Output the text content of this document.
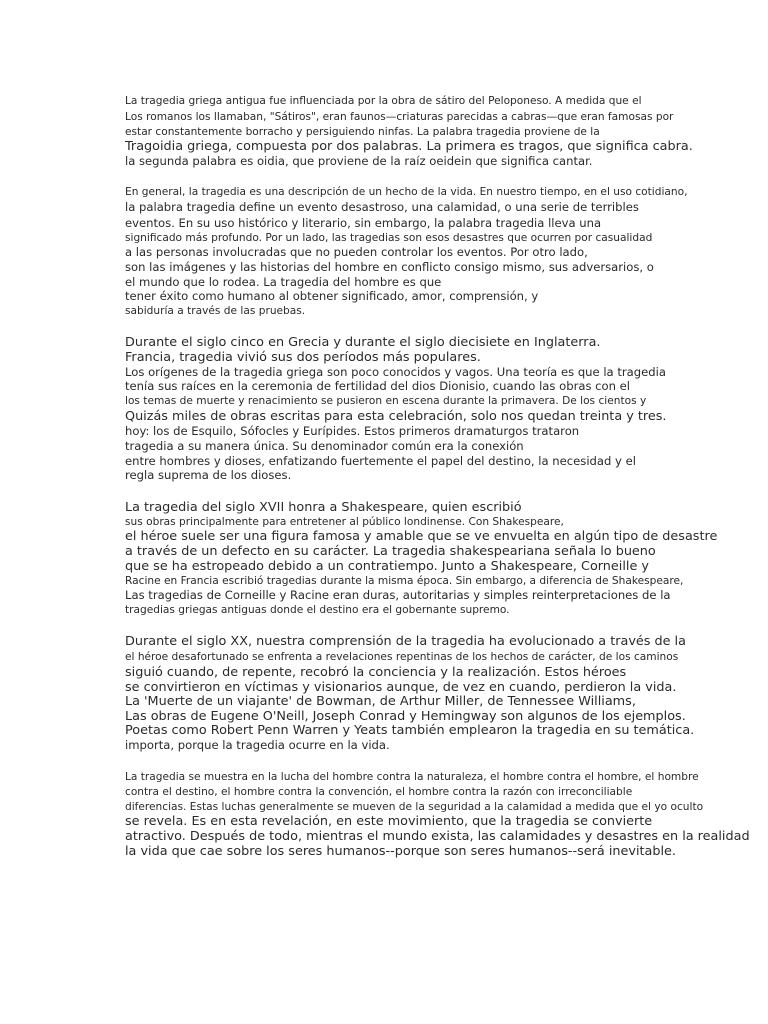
La tragedia griega antigua fue influenciada por la obra de sátiro del Peloponeso. A medida que el
Los romanos los llamaban, "Sátiros", eran faunos—criaturas parecidas a cabras—que eran famosas por
estar constantemente borracho y persiguiendo ninfas. La palabra tragedia proviene de la
Tragoidia griega, compuesta por dos palabras. La primera es tragos, que significa cabra.
la segunda palabra es oidia, que proviene de la raíz oeidein que significa cantar.
En general, la tragedia es una descripción de un hecho de la vida. En nuestro tiempo, en el uso cotidiano,
la palabra tragedia define un evento desastroso, una calamidad, o una serie de terribles
eventos. En su uso histórico y literario, sin embargo, la palabra tragedia lleva una
significado más profundo. Por un lado, las tragedias son esos desastres que ocurren por casualidad
a las personas involucradas que no pueden controlar los eventos. Por otro lado,
son las imágenes y las historias del hombre en conflicto consigo mismo, sus adversarios, o
el mundo que lo rodea. La tragedia del hombre es que
tener éxito como humano al obtener significado, amor, comprensión, y
sabiduría a través de las pruebas.
Durante el siglo cinco en Grecia y durante el siglo diecisiete en Inglaterra.
Francia, tragedia vivió sus dos períodos más populares.
Los orígenes de la tragedia griega son poco conocidos y vagos. Una teoría es que la tragedia
tenía sus raíces en la ceremonia de fertilidad del dios Dionisio, cuando las obras con el
los temas de muerte y renacimiento se pusieron en escena durante la primavera. De los cientos y
Quizás miles de obras escritas para esta celebración, solo nos quedan treinta y tres.
hoy: los de Esquilo, Sófocles y Eurípides. Estos primeros dramaturgos trataron
tragedia a su manera única. Su denominador común era la conexión
entre hombres y dioses, enfatizando fuertemente el papel del destino, la necesidad y el
regla suprema de los dioses.
La tragedia del siglo XVII honra a Shakespeare, quien escribió
sus obras principalmente para entretener al público londinense. Con Shakespeare,
el héroe suele ser una figura famosa y amable que se ve envuelta en algún tipo de desastre
a través de un defecto en su carácter. La tragedia shakespeariana señala lo bueno
que se ha estropeado debido a un contratiempo. Junto a Shakespeare, Corneille y
Racine en Francia escribió tragedias durante la misma época. Sin embargo, a diferencia de Shakespeare,
Las tragedias de Corneille y Racine eran duras, autoritarias y simples reinterpretaciones de la
tragedias griegas antiguas donde el destino era el gobernante supremo.
Durante el siglo XX, nuestra comprensión de la tragedia ha evolucionado a través de la
el héroe desafortunado se enfrenta a revelaciones repentinas de los hechos de carácter, de los caminos
siguió cuando, de repente, recobró la conciencia y la realización. Estos héroes
se convirtieron en víctimas y visionarios aunque, de vez en cuando, perdieron la vida.
La 'Muerte de un viajante' de Bowman, de Arthur Miller, de Tennessee Williams,
Las obras de Eugene O'Neill, Joseph Conrad y Hemingway son algunos de los ejemplos.
Poetas como Robert Penn Warren y Yeats también emplearon la tragedia en su temática.
importa, porque la tragedia ocurre en la vida.
La tragedia se muestra en la lucha del hombre contra la naturaleza, el hombre contra el hombre, el hombre
contra el destino, el hombre contra la convención, el hombre contra la razón con irreconciliable
diferencias. Estas luchas generalmente se mueven de la seguridad a la calamidad a medida que el yo oculto
se revela. Es en esta revelación, en este movimiento, que la tragedia se convierte
atractivo. Después de todo, mientras el mundo exista, las calamidades y desastres en la realidad
la vida que cae sobre los seres humanos--porque son seres humanos--será inevitable.
